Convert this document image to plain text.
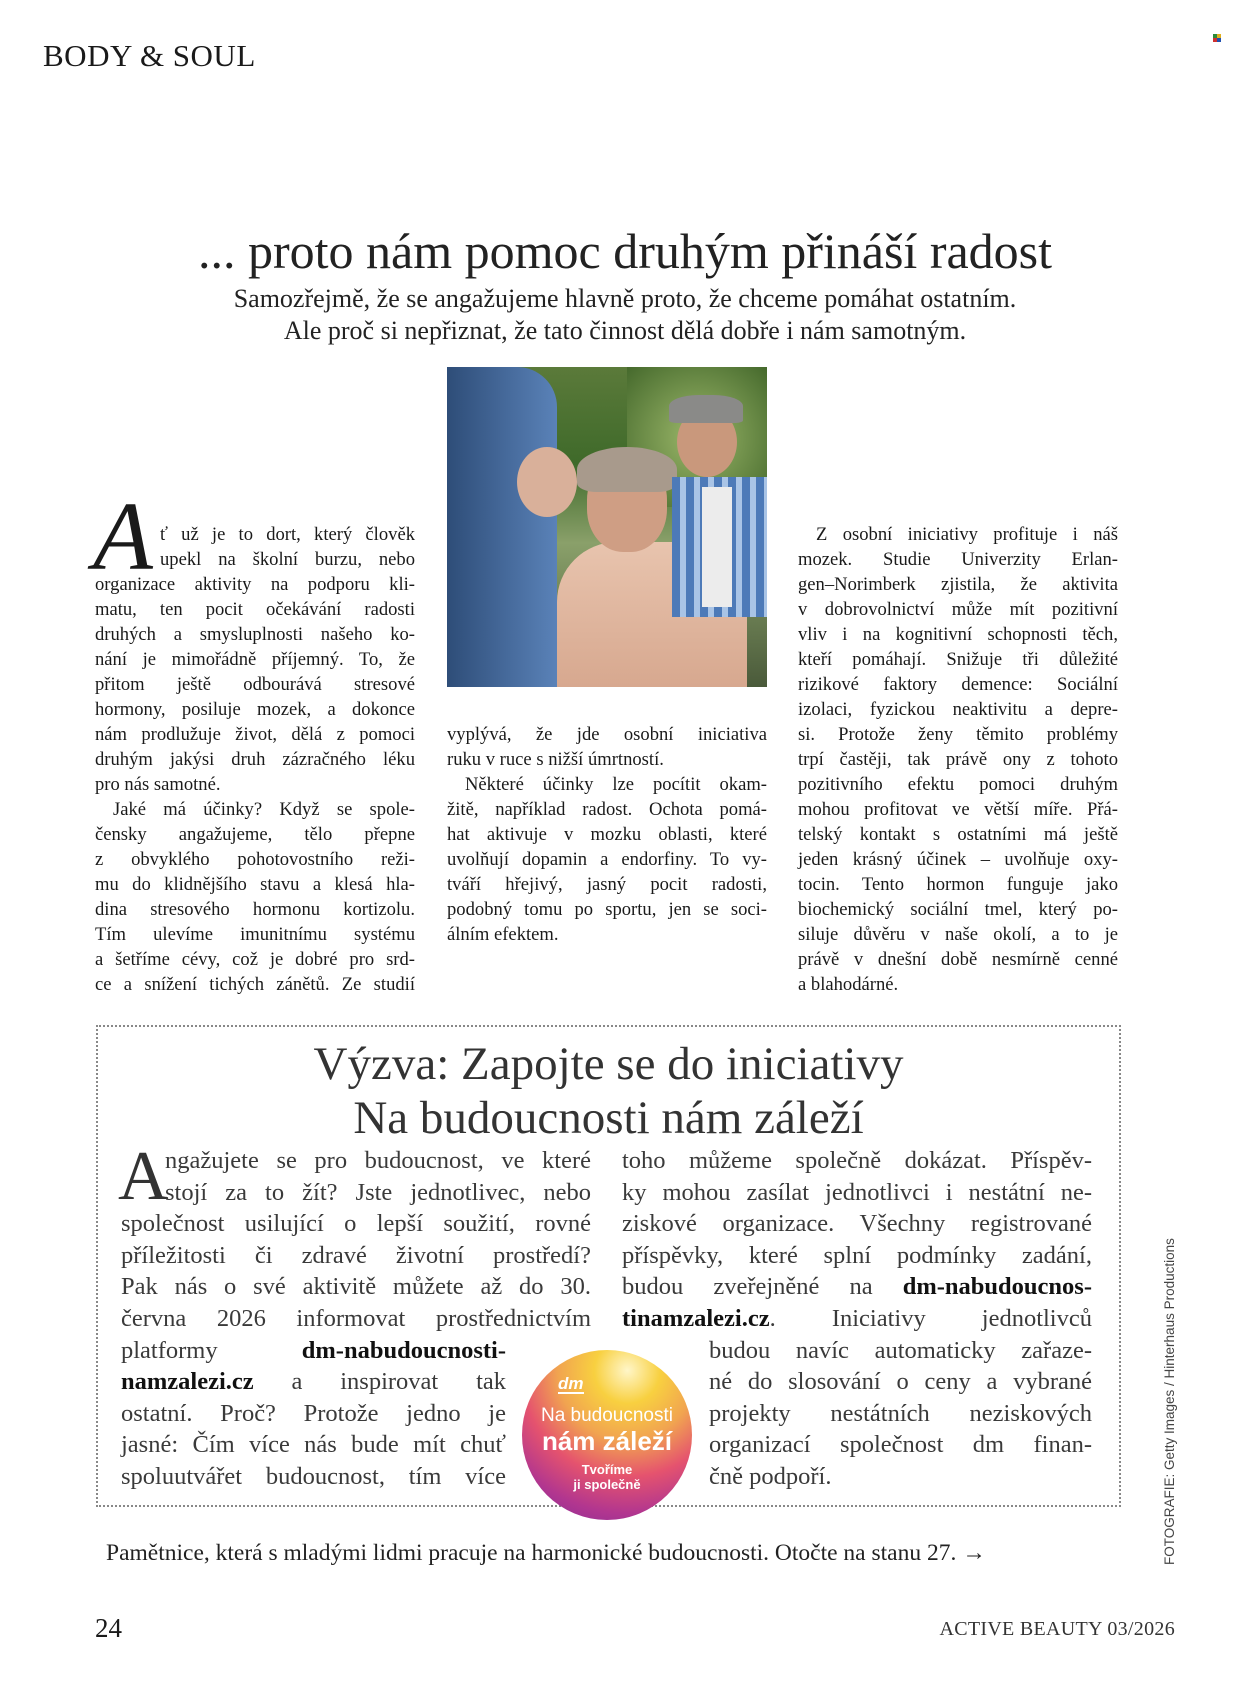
BODY & SOUL
... proto nám pomoc druhým přináší radost
Samozřejmě, že se angažujeme hlavně proto, že chceme pomáhat ostatním.
Ale proč si nepřiznat, že tato činnost dělá dobře i nám samotným.
A ť už je to dort, který člověk
upekl na školní burzu, nebo
organizace aktivity na podporu kli-
matu, ten pocit očekávání radosti
druhých a smysluplnosti našeho ko-
nání je mimořádně příjemný. To, že
přitom ještě odbourává stresové
hormony, posiluje mozek, a dokonce
nám prodlužuje život, dělá z pomoci
druhým jakýsi druh zázračného léku
pro nás samotné.
Jaké má účinky? Když se spole-
čensky angažujeme, tělo přepne
z obvyklého pohotovostního reži-
mu do klidnějšího stavu a klesá hla-
dina stresového hormonu kortizolu.
Tím ulevíme imunitnímu systému
a šetříme cévy, což je dobré pro srd-
ce a snížení tichých zánětů. Ze studií
vyplývá, že jde osobní iniciativa
ruku v ruce s nižší úmrtností.
Některé účinky lze pocítit okam-
žitě, například radost. Ochota pomá-
hat aktivuje v mozku oblasti, které
uvolňují dopamin a endorfiny. To vy-
tváří hřejivý, jasný pocit radosti,
podobný tomu po sportu, jen se soci-
álním efektem.
Z osobní iniciativy profituje i náš
mozek. Studie Univerzity Erlan-
gen–Norimberk zjistila, že aktivita
v dobrovolnictví může mít pozitivní
vliv i na kognitivní schopnosti těch,
kteří pomáhají. Snižuje tři důležité
rizikové faktory demence: Sociální
izolaci, fyzickou neaktivitu a depre-
si. Protože ženy těmito problémy
trpí častěji, tak právě ony z tohoto
pozitivního efektu pomoci druhým
mohou profitovat ve větší míře. Přá-
telský kontakt s ostatními má ještě
jeden krásný účinek – uvolňuje oxy-
tocin. Tento hormon funguje jako
biochemický sociální tmel, který po-
siluje důvěru v naše okolí, a to je
právě v dnešní době nesmírně cenné
a blahodárné.
Výzva: Zapojte se do iniciativy
Na budoucnosti nám záleží
A
ngažujete se pro budoucnost, ve které
stojí za to žít? Jste jednotlivec, nebo
společnost usilující o lepší soužití, rovné
příležitosti či zdravé životní prostředí?
Pak nás o své aktivitě můžete až do 30.
června 2026 informovat prostřednictvím
platformy dm-nabudoucnosti-
namzalezi.cz a inspirovat tak
ostatní. Proč? Protože jedno je
jasné: Čím více nás bude mít chuť
spoluutvářet budoucnost, tím více
toho můžeme společně dokázat. Příspěv-
ky mohou zasílat jednotlivci i nestátní ne-
ziskové organizace. Všechny registrované
příspěvky, které splní podmínky zadání,
budou zveřejněné na dm-nabudoucnos-
tinamzalezi.cz. Iniciativy jednotlivců
budou navíc automaticky zařaze-
né do slosování o ceny a vybrané
projekty nestátních neziskových
organizací společnost dm finan-
čně podpoří.
dm
Na budoucnosti
nám záleží
Tvoříme
ji společně
Pamětnice, která s mladými lidmi pracuje na harmonické budoucnosti. Otočte na stanu 27. →
24	ACTIVE BEAUTY 03/2026
FOTOGRAFIE: Getty Images / Hinterhaus Productions
